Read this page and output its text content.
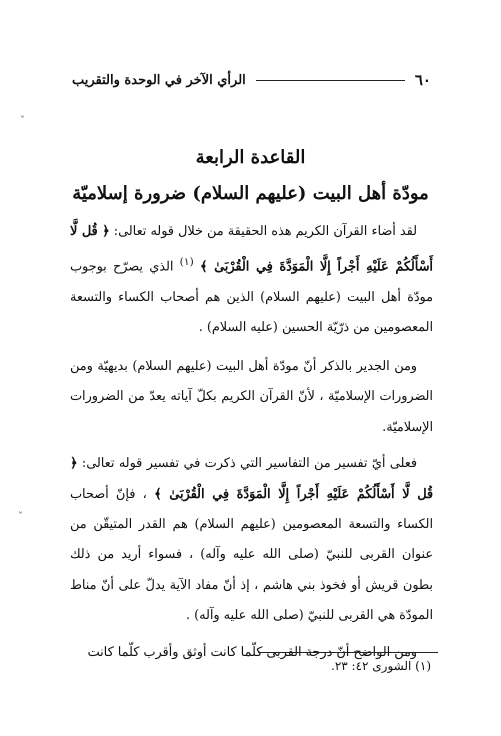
٦٠
الرأي الآخر في الوحدة والتقريب
ˇ
ˇ

القاعدة الرابعة

مودّة أهل البيت (عليهم السلام) ضرورة إسلاميّة

لقد أضاء القرآن الكريم هذه الحقيقة من خلال قوله تعالى: ﴿ قُل لَّا أَسْأَلُكُمْ عَلَيْهِ أَجْراً إِلَّا الْمَوَدَّةَ فِي الْقُرْبَىٰ ﴾ $^{(١)}$ الذي يصرّح بوجوب مودّة أهل البيت (عليهم السلام) الذين هم أصحاب الكساء والتسعة المعصومين من ذرّيّة الحسين (عليه السلام) .

ومن الجدير بالذكر أنّ مودّة أهل البيت (عليهم السلام) بديهيّة ومن الضرورات الإسلاميّة ، لأنّ القرآن الكريم بكلّ آياته يعدّ من الضرورات الإسلاميّة.

فعلى أيّ تفسير من التفاسير التي ذكرت في تفسير قوله تعالى: ﴿ قُل لَّا أَسْأَلُكُمْ عَلَيْهِ أَجْراً إِلَّا الْمَوَدَّةَ فِي الْقُرْبَىٰ ﴾ ، فإنّ أصحاب الكساء والتسعة المعصومين (عليهم السلام) هم القدر المتيقّن من عنوان القربى للنبيّ (صلى الله عليه وآله) ، فسواء أريد من ذلك بطون قريش أو فخوذ بني هاشم ، إذ أنّ مفاد الآية يدلّ على أنّ مناط المودّة هي القربى للنبيّ (صلى الله عليه وآله) .

ومن الواضح أنّ درجة القربى كلّما كانت أوثق وأقرب كلّما كانت

(١) الشورى ٤٢: ٢٣.
